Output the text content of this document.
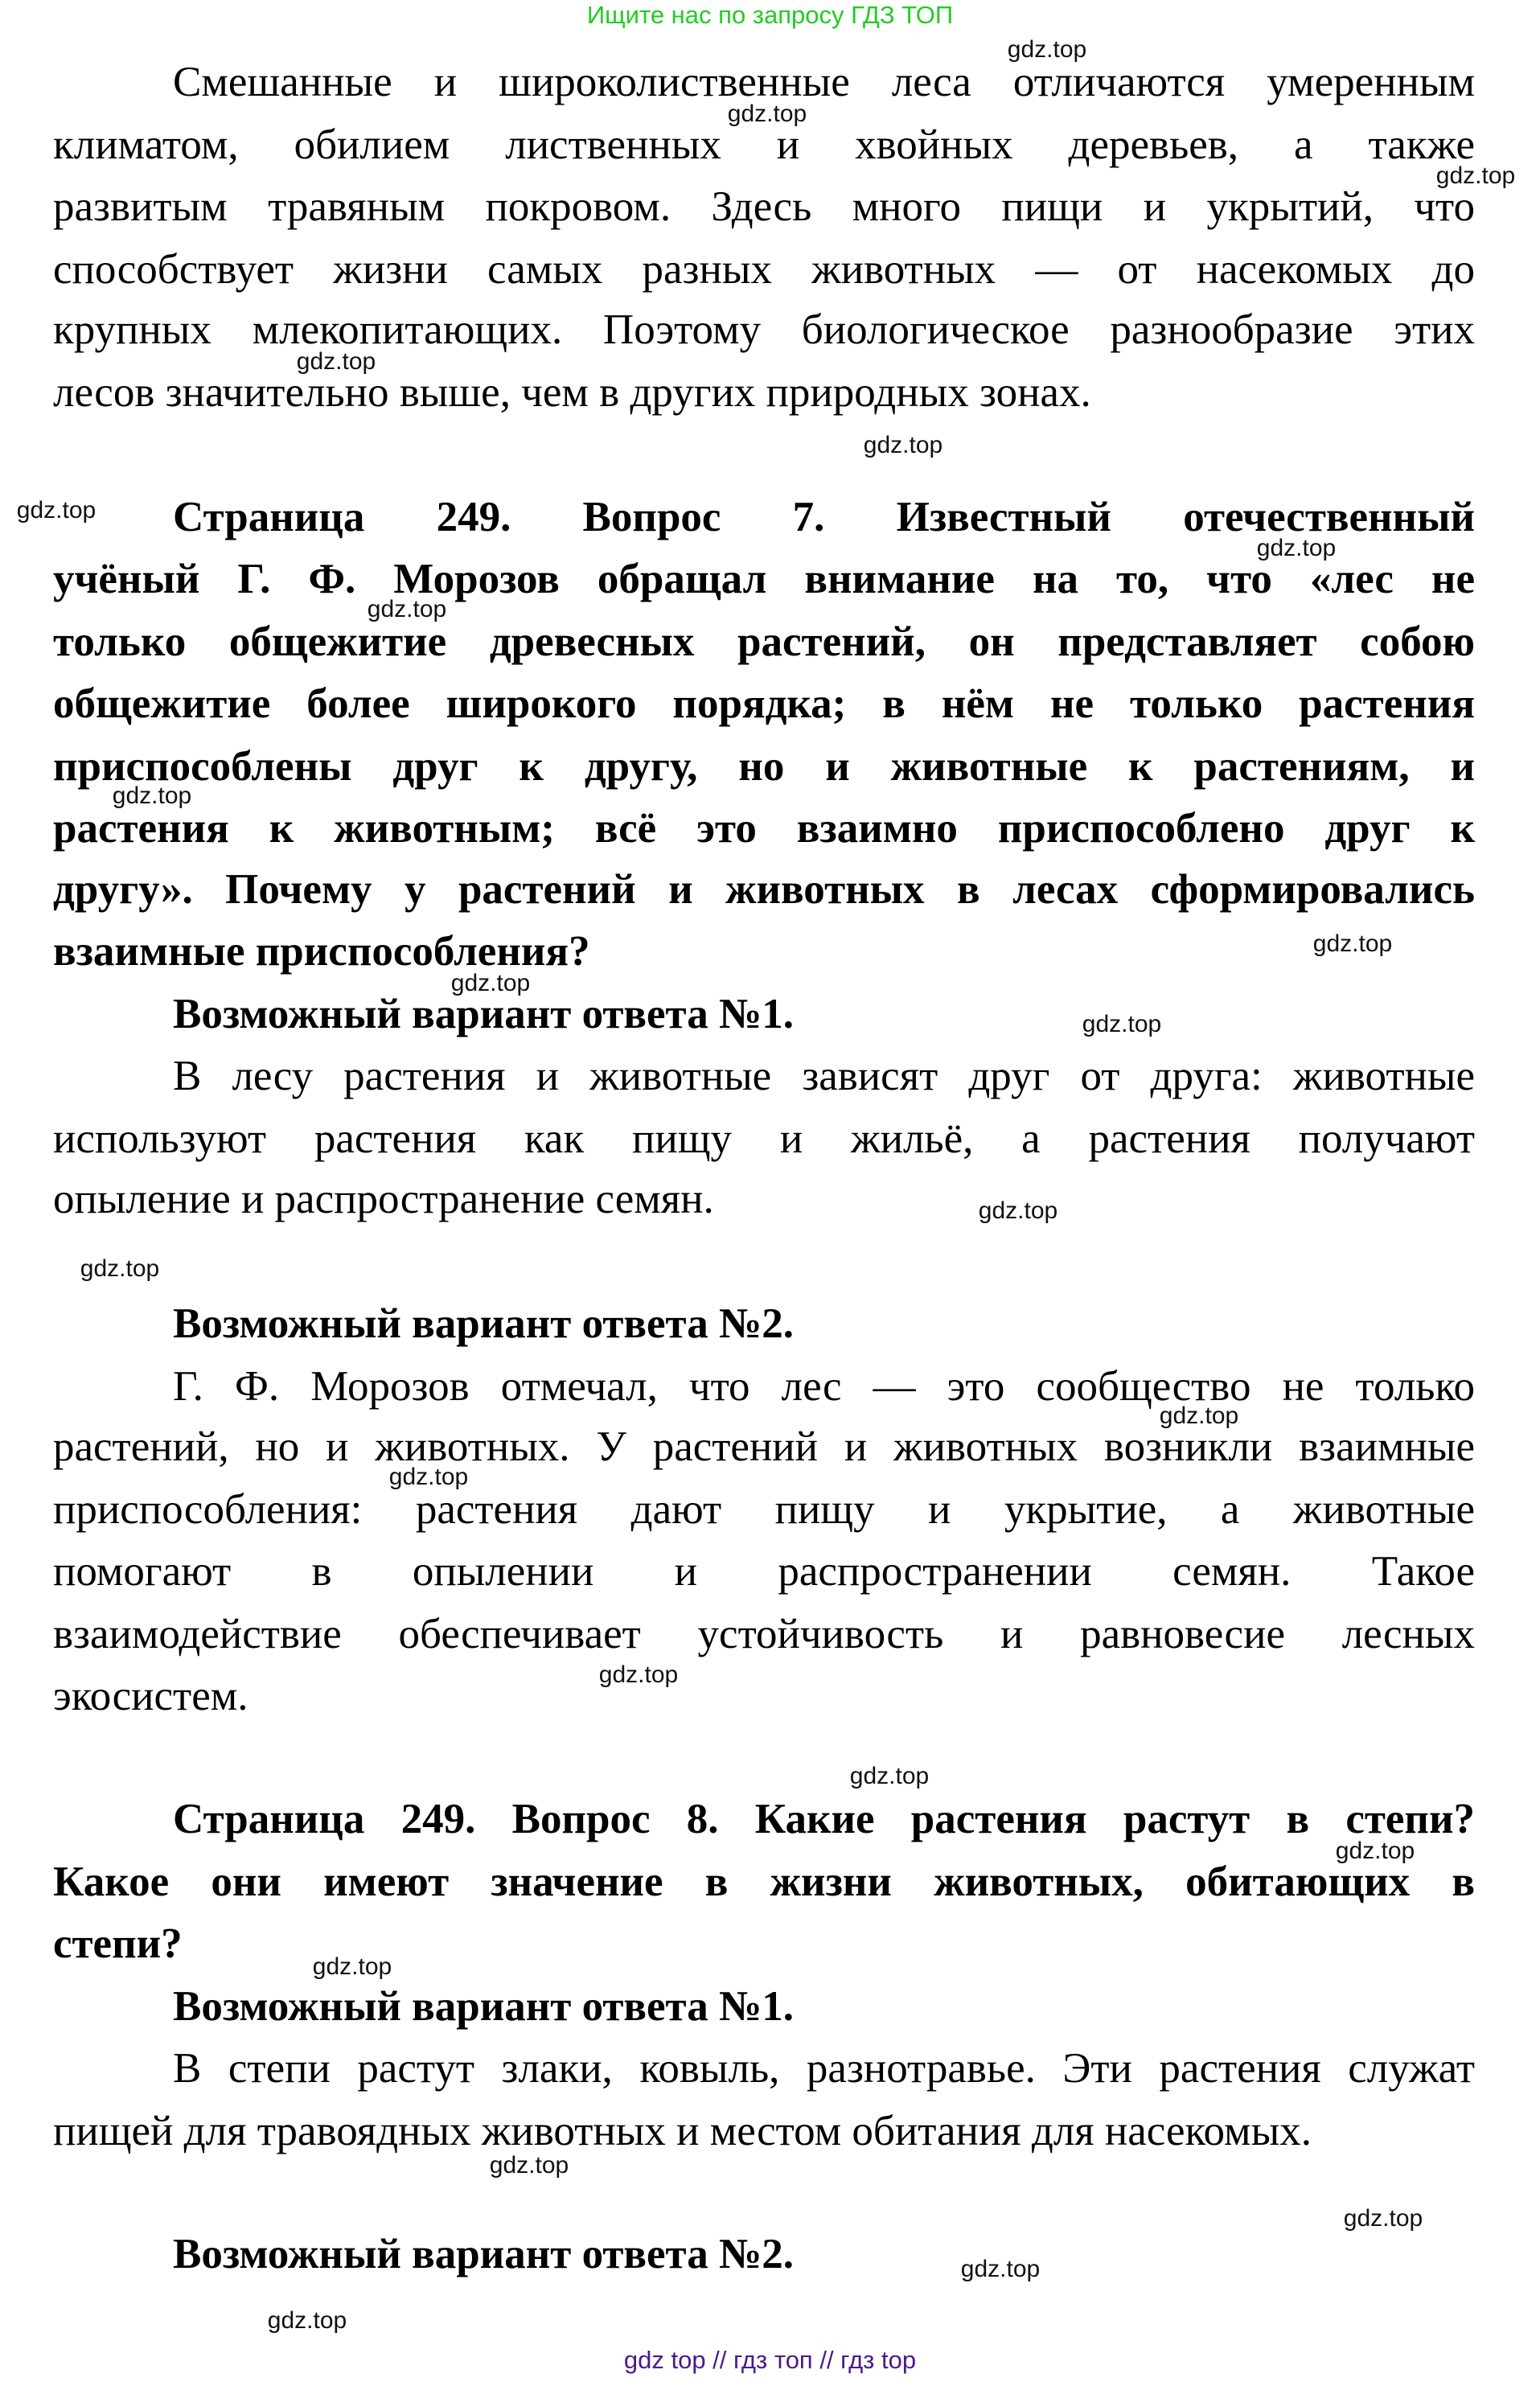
Ищите нас по запросу ГДЗ ТОП
Смешанные и широколиственные леса отличаются умеренным
климатом, обилием лиственных и хвойных деревьев, а также
развитым травяным покровом. Здесь много пищи и укрытий, что
способствует жизни самых разных животных — от насекомых до
крупных млекопитающих. Поэтому биологическое разнообразие этих
лесов значительно выше, чем в других природных зонах.
Страница 249. Вопрос 7. Известный отечественный
учёный Г. Ф. Морозов обращал внимание на то, что «лес не
только общежитие древесных растений, он представляет собою
общежитие более широкого порядка; в нём не только растения
приспособлены друг к другу, но и животные к растениям, и
растения к животным; всё это взаимно приспособлено друг к
другу». Почему у растений и животных в лесах сформировались
взаимные приспособления?
Возможный вариант ответа №1.
В лесу растения и животные зависят друг от друга: животные
используют растения как пищу и жильё, а растения получают
опыление и распространение семян.
Возможный вариант ответа №2.
Г. Ф. Морозов отмечал, что лес — это сообщество не только
растений, но и животных. У растений и животных возникли взаимные
приспособления: растения дают пищу и укрытие, а животные
помогают в опылении и распространении семян. Такое
взаимодействие обеспечивает устойчивость и равновесие лесных
экосистем.
Страница 249. Вопрос 8. Какие растения растут в степи?
Какое они имеют значение в жизни животных, обитающих в
степи?
Возможный вариант ответа №1.
В степи растут злаки, ковыль, разнотравье. Эти растения служат
пищей для травоядных животных и местом обитания для насекомых.
Возможный вариант ответа №2.
gdz.top
gdz.top
gdz.top
gdz.top
gdz.top
gdz.top
gdz.top
gdz.top
gdz.top
gdz.top
gdz.top
gdz.top
gdz.top
gdz.top
gdz.top
gdz.top
gdz.top
gdz.top
gdz.top
gdz.top
gdz.top
gdz.top
gdz.top
gdz.top
gdz top // гдз топ // гдз top
